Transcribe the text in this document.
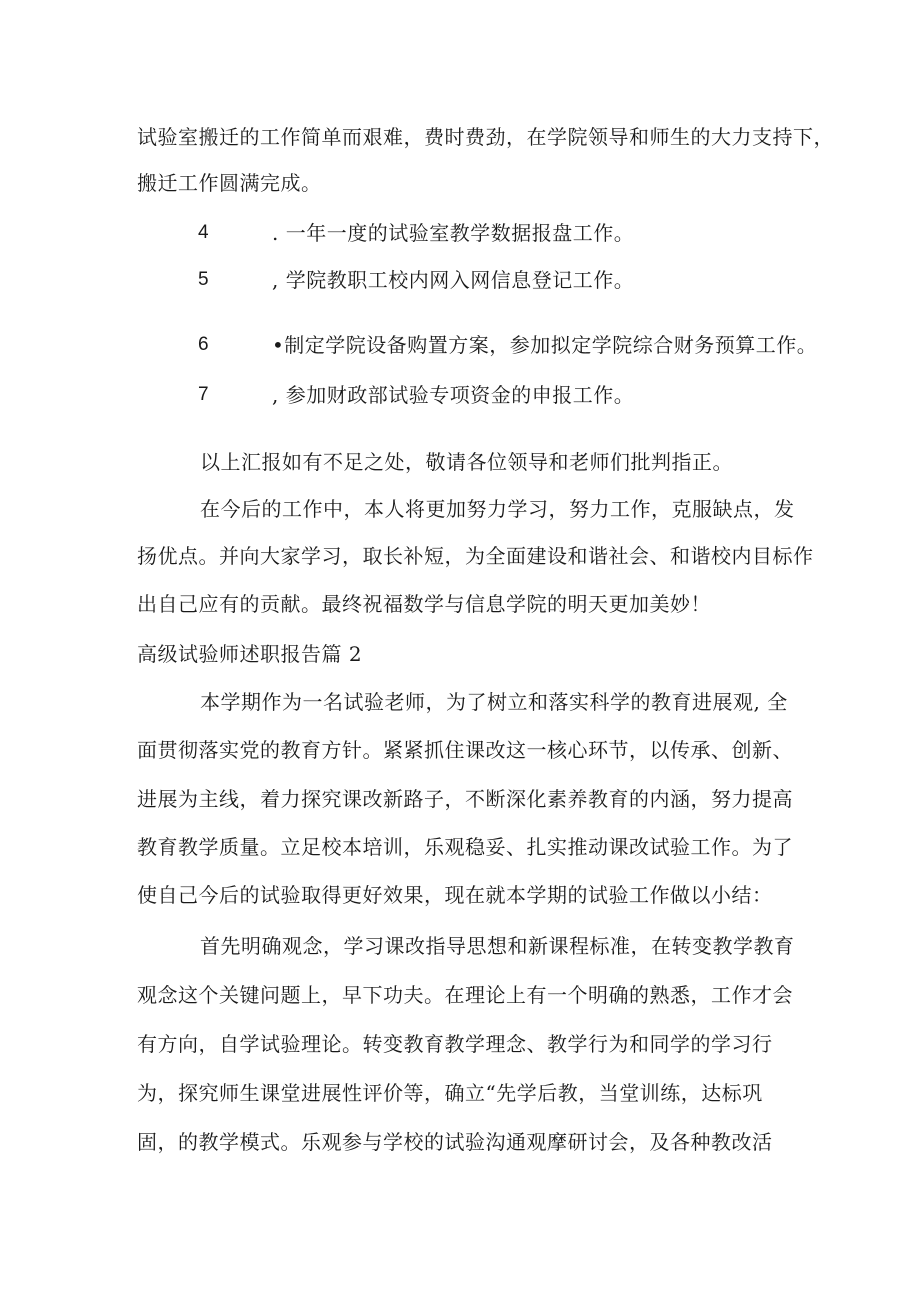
试验室搬迁的工作简单而艰难，费时费劲，在学院领导和师生的大力支持下，
搬迁工作圆满完成。
4	. 一年一度的试验室教学数据报盘工作。
5	, 学院教职工校内网入网信息登记工作。
6	•制定学院设备购置方案，参加拟定学院综合财务预算工作。
7	, 参加财政部试验专项资金的申报工作。
以上汇报如有不足之处，敬请各位领导和老师们批判指正。
在今后的工作中，本人将更加努力学习，努力工作，克服缺点，发
扬优点。并向大家学习，取长补短，为全面建设和谐社会、和谐校内目标作
出自己应有的贡献。最终祝福数学与信息学院的明天更加美妙！
高级试验师述职报告篇 2
本学期作为一名试验老师，为了树立和落实科学的教育进展观, 全
面贯彻落实党的教育方针。紧紧抓住课改这一核心环节，以传承、创新、
进展为主线，着力探究课改新路子，不断深化素养教育的内涵，努力提高
教育教学质量。立足校本培训，乐观稳妥、扎实推动课改试验工作。为了
使自己今后的试验取得更好效果，现在就本学期的试验工作做以小结：
首先明确观念，学习课改指导思想和新课程标准，在转变教学教育
观念这个关键问题上，早下功夫。在理论上有一个明确的熟悉，工作才会
有方向，自学试验理论。转变教育教学理念、教学行为和同学的学习行
为，探究师生课堂进展性评价等，确立“先学后教，当堂训练，达标巩
固，的教学模式。乐观参与学校的试验沟通观摩研讨会，及各种教改活
